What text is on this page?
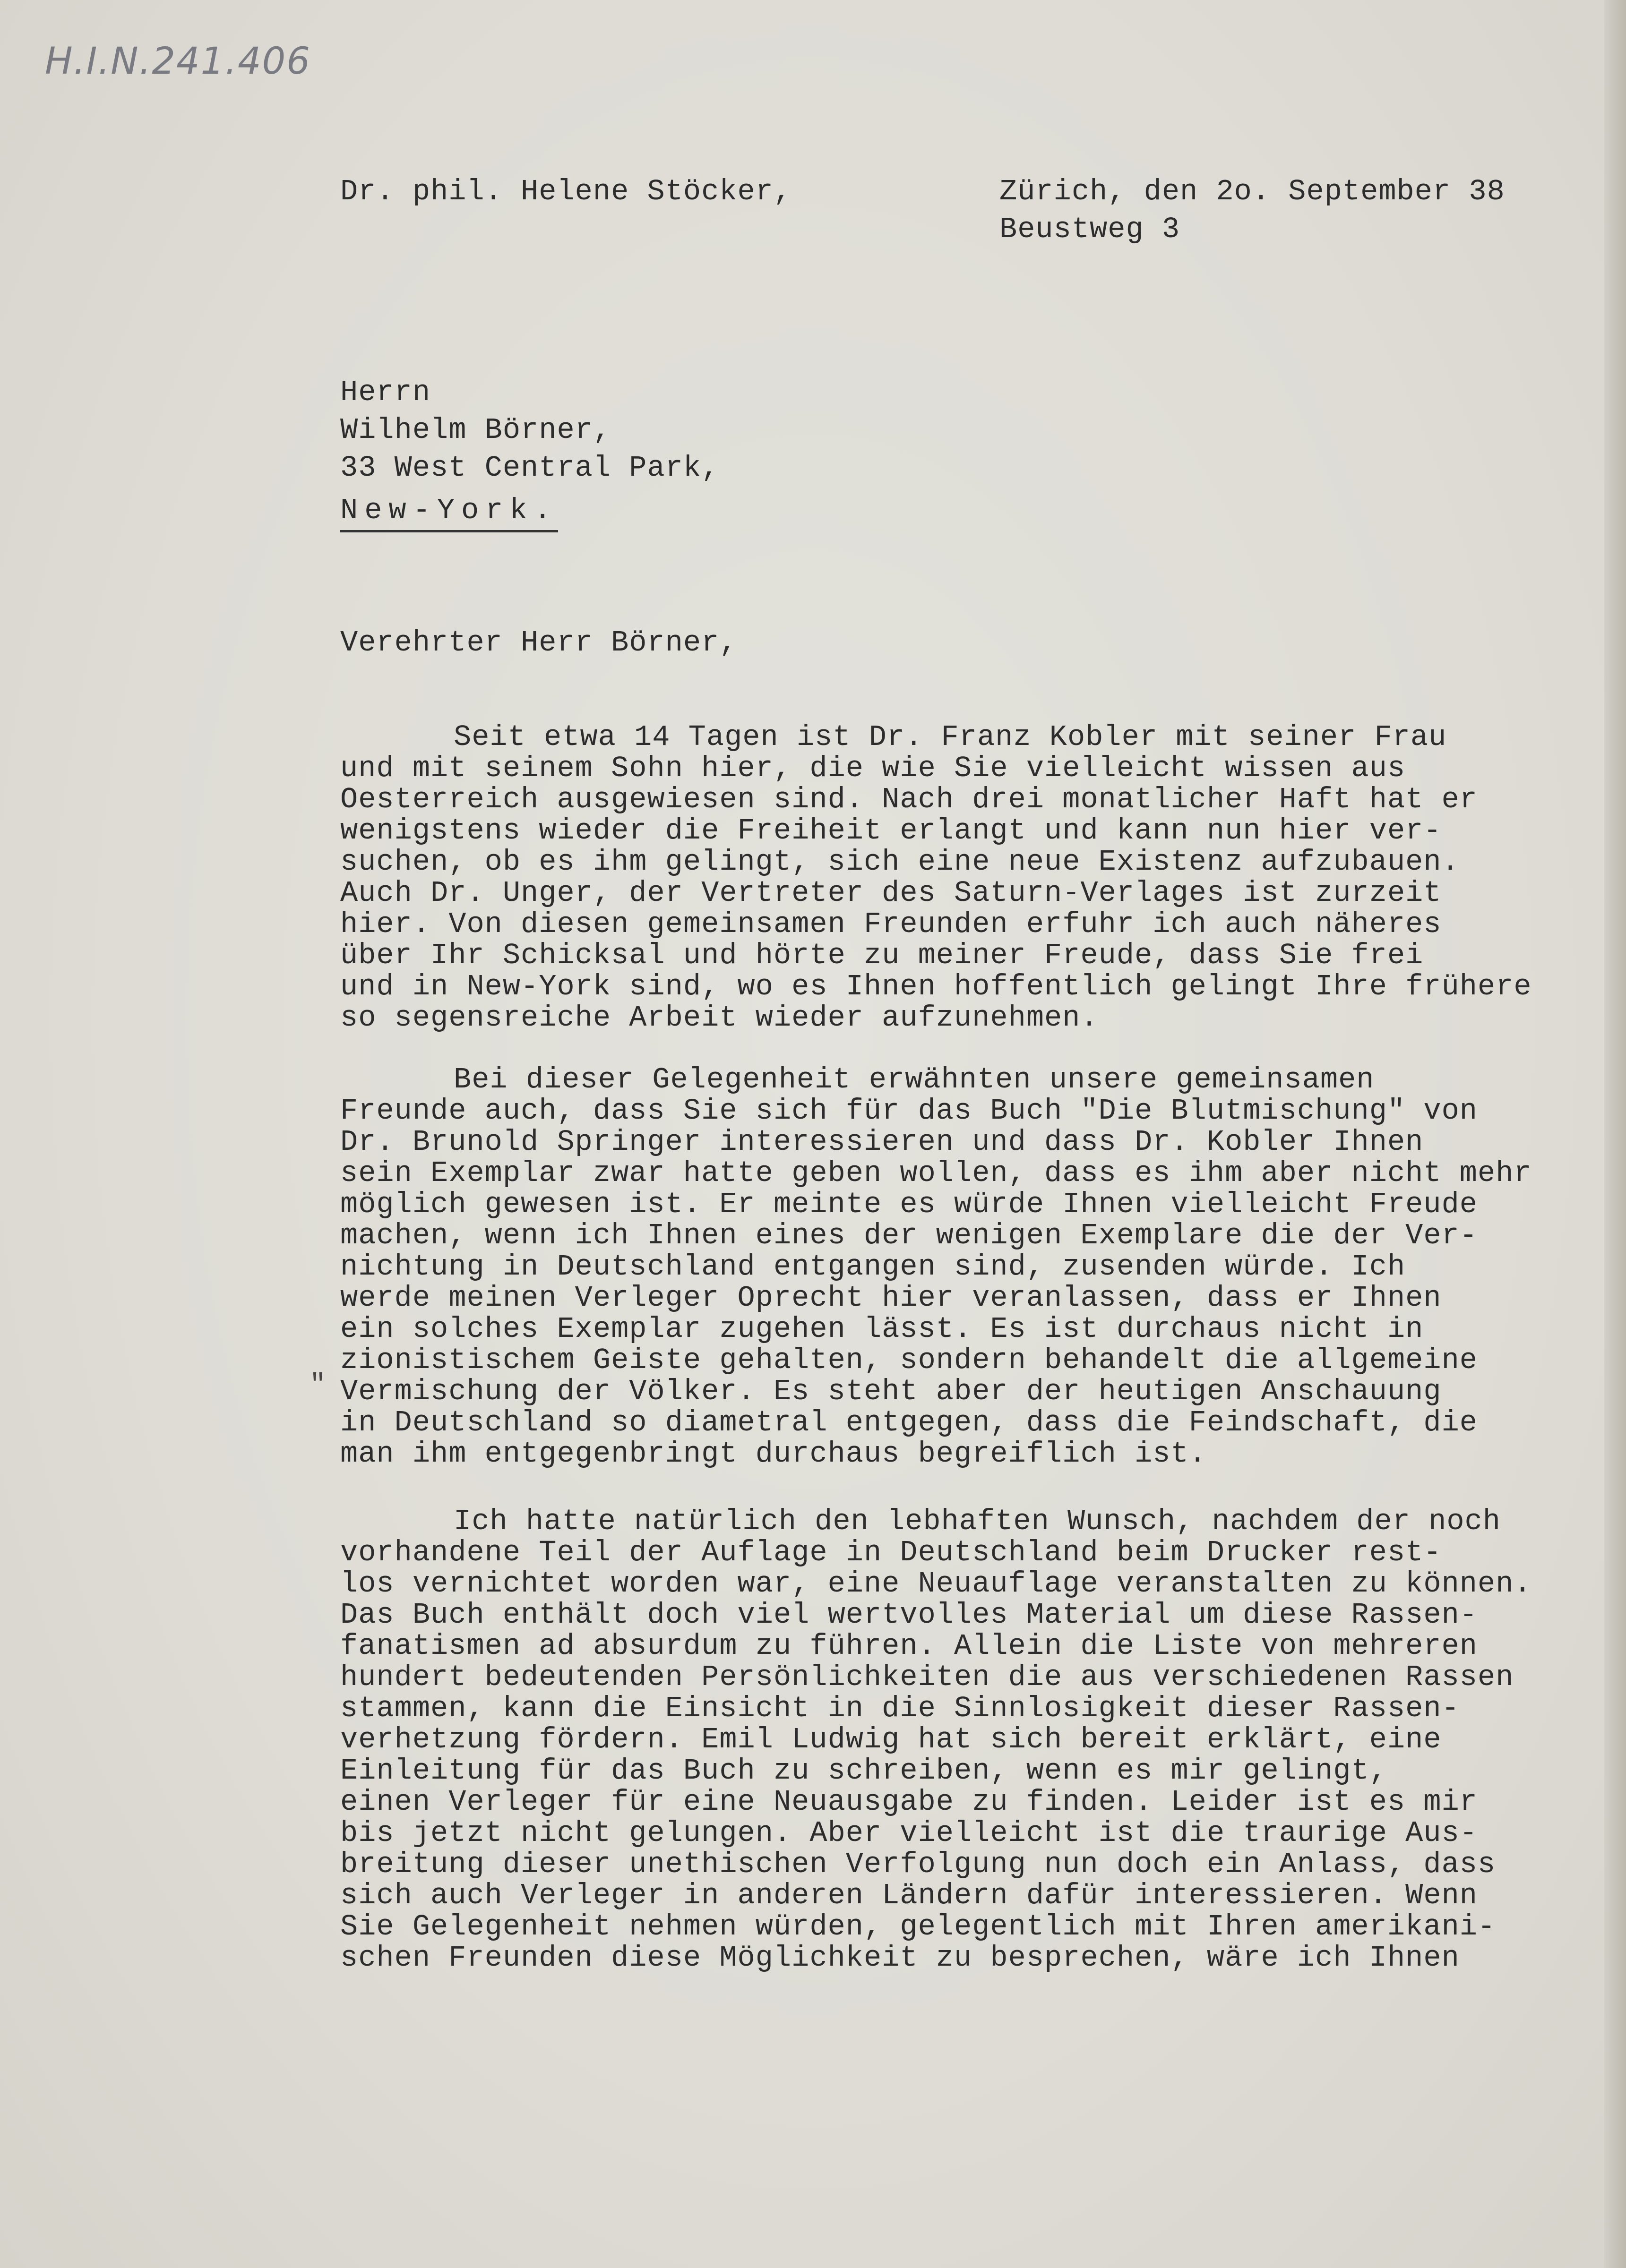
H.I.N.241.406
Dr. phil. Helene Stöcker,	Zürich, den 2o. September 38
Beustweg 3
Herrn
Wilhelm Börner,
33 West Central Park,
New-York.
Verehrter Herr Börner,
"
Seit etwa 14 Tagen ist Dr. Franz Kobler mit seiner Frau
und mit seinem Sohn hier, die wie Sie vielleicht wissen aus
Oesterreich ausgewiesen sind. Nach drei monatlicher Haft hat er
wenigstens wieder die Freiheit erlangt und kann nun hier ver-
suchen, ob es ihm gelingt, sich eine neue Existenz aufzubauen.
Auch Dr. Unger, der Vertreter des Saturn-Verlages ist zurzeit
hier. Von diesen gemeinsamen Freunden erfuhr ich auch näheres
über Ihr Schicksal und hörte zu meiner Freude, dass Sie frei
und in New-York sind, wo es Ihnen hoffentlich gelingt Ihre frühere
so segensreiche Arbeit wieder aufzunehmen.
Bei dieser Gelegenheit erwähnten unsere gemeinsamen
Freunde auch, dass Sie sich für das Buch "Die Blutmischung" von
Dr. Brunold Springer interessieren und dass Dr. Kobler Ihnen
sein Exemplar zwar hatte geben wollen, dass es ihm aber nicht mehr
möglich gewesen ist. Er meinte es würde Ihnen vielleicht Freude
machen, wenn ich Ihnen eines der wenigen Exemplare die der Ver-
nichtung in Deutschland entgangen sind, zusenden würde. Ich
werde meinen Verleger Oprecht hier veranlassen, dass er Ihnen
ein solches Exemplar zugehen lässt. Es ist durchaus nicht in
zionistischem Geiste gehalten, sondern behandelt die allgemeine
Vermischung der Völker. Es steht aber der heutigen Anschauung
in Deutschland so diametral entgegen, dass die Feindschaft, die
man ihm entgegenbringt durchaus begreiflich ist.
Ich hatte natürlich den lebhaften Wunsch, nachdem der noch
vorhandene Teil der Auflage in Deutschland beim Drucker rest-
los vernichtet worden war, eine Neuauflage veranstalten zu können.
Das Buch enthält doch viel wertvolles Material um diese Rassen-
fanatismen ad absurdum zu führen. Allein die Liste von mehreren
hundert bedeutenden Persönlichkeiten die aus verschiedenen Rassen
stammen, kann die Einsicht in die Sinnlosigkeit dieser Rassen-
verhetzung fördern. Emil Ludwig hat sich bereit erklärt, eine
Einleitung für das Buch zu schreiben, wenn es mir gelingt,
einen Verleger für eine Neuausgabe zu finden. Leider ist es mir
bis jetzt nicht gelungen. Aber vielleicht ist die traurige Aus-
breitung dieser unethischen Verfolgung nun doch ein Anlass, dass
sich auch Verleger in anderen Ländern dafür interessieren. Wenn
Sie Gelegenheit nehmen würden, gelegentlich mit Ihren amerikani-
schen Freunden diese Möglichkeit zu besprechen, wäre ich Ihnen
